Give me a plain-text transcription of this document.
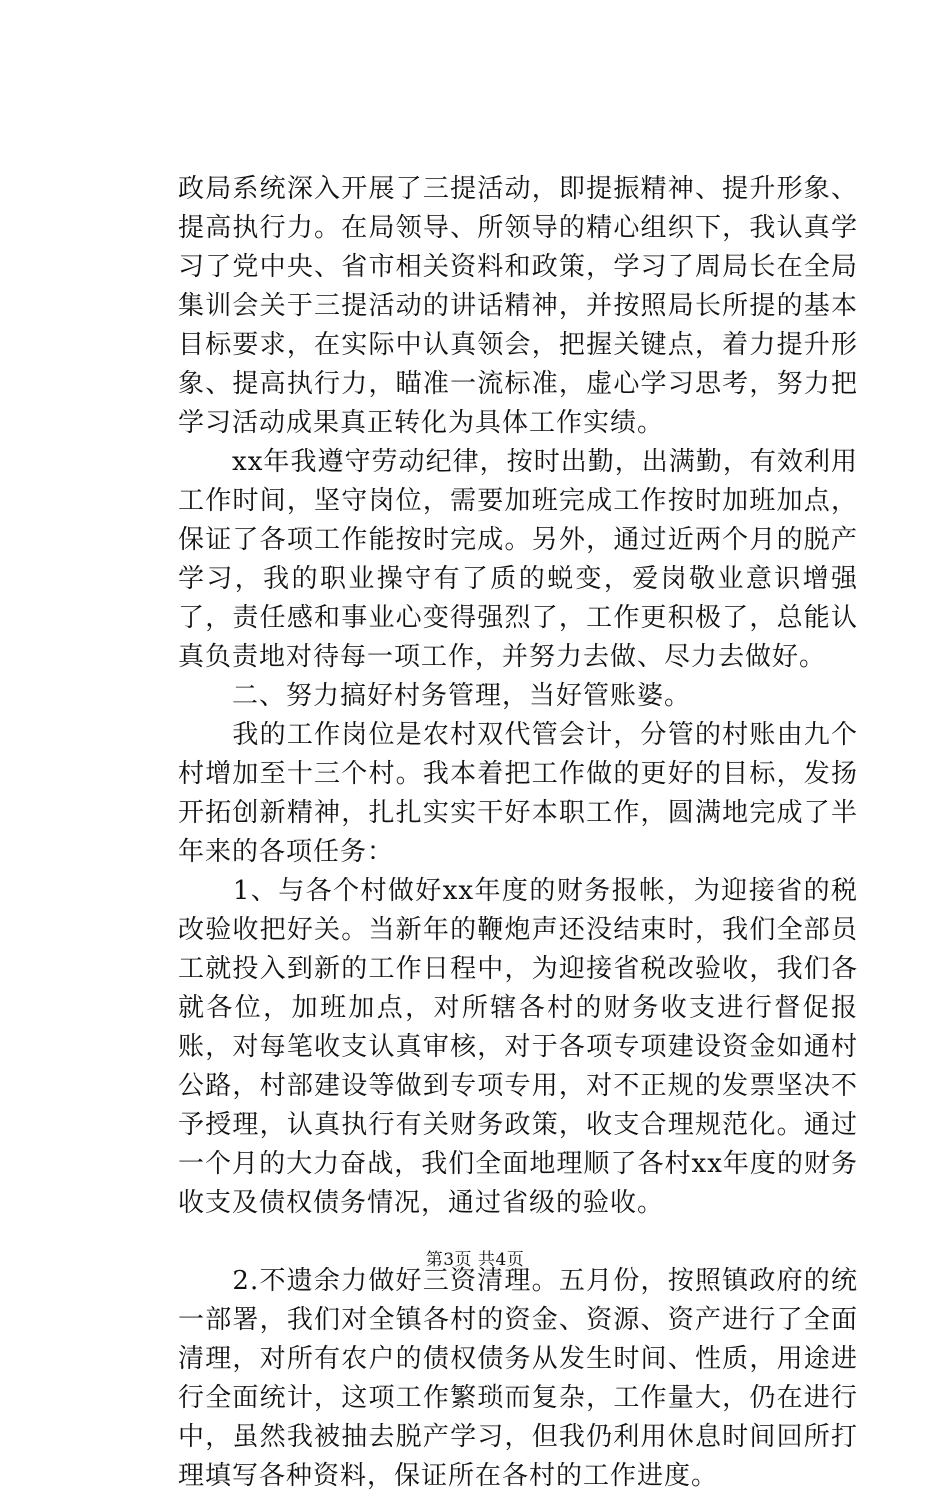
政局系统深入开展了三提活动，即提振精神、提升形象、提高执行力。在局领导、所领导的精心组织下，我认真学习了党中央、省市相关资料和政策，学习了周局长在全局集训会关于三提活动的讲话精神，并按照局长所提的基本目标要求，在实际中认真领会，把握关键点，着力提升形象、提高执行力，瞄准一流标准，虚心学习思考，努力把学习活动成果真正转化为具体工作实绩。

　　xx年我遵守劳动纪律，按时出勤，出满勤，有效利用工作时间，坚守岗位，需要加班完成工作按时加班加点，保证了各项工作能按时完成。另外，通过近两个月的脱产学习，我的职业操守有了质的蜕变，爱岗敬业意识增强了，责任感和事业心变得强烈了，工作更积极了，总能认真负责地对待每一项工作，并努力去做、尽力去做好。

　　二、努力搞好村务管理，当好管账婆。

　　我的工作岗位是农村双代管会计，分管的村账由九个村增加至十三个村。我本着把工作做的更好的目标，发扬开拓创新精神，扎扎实实干好本职工作，圆满地完成了半年来的各项任务：

　　1、与各个村做好xx年度的财务报帐，为迎接省的税改验收把好关。当新年的鞭炮声还没结束时，我们全部员工就投入到新的工作日程中，为迎接省税改验收，我们各就各位，加班加点，对所辖各村的财务收支进行督促报账，对每笔收支认真审核，对于各项专项建设资金如通村公路，村部建设等做到专项专用，对不正规的发票坚决不予授理，认真执行有关财务政策，收支合理规范化。通过一个月的大力奋战，我们全面地理顺了各村xx年度的财务收支及债权债务情况，通过省级的验收。

　　2.不遗余力做好三资清理。五月份，按照镇政府的统一部署，我们对全镇各村的资金、资源、资产进行了全面清理，对所有农户的债权债务从发生时间、性质，用途进行全面统计，这项工作繁琐而复杂，工作量大，仍在进行中，虽然我被抽去脱产学习，但我仍利用休息时间回所打理填写各种资料，保证所在各村的工作进度。

第3页 共4页
